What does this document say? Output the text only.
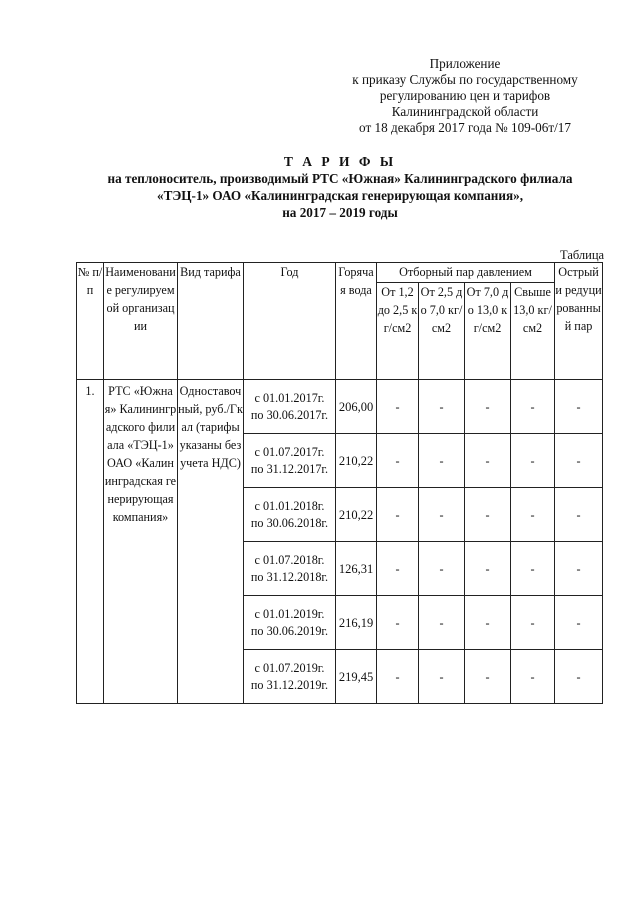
Приложение
к приказу Службы по государственному
регулированию цен и тарифов
Калининградской области
от 18 декабря 2017 года № 109-06т/17
Т А Р И Ф Ы
на теплоноситель, производимый РТС «Южная» Калининградского филиала
«ТЭЦ-1» ОАО «Калининградская генерирующая компания»,
на 2017 – 2019 годы
Таблица
№ п/п	Наименование регулируемой организации	Вид тарифа	Год	Горячая вода	Отборный пар давлением				Острый и редуцированный пар
					От 1,2 до 2,5 кг/см2	От 2,5 до 7,0 кг/см2	От 7,0 до 13,0 кг/см2	Свыше 13,0 кг/см2	
1.	РТС «Южная» Калининградского филиала «ТЭЦ-1» ОАО «Калининградская генерирующая компания»	Одноставочный, руб./Гкал (тарифы указаны без учета НДС)	с 01.01.2017г.
по 30.06.2017г.	206,00	-	-	-	-	-

			с 01.07.2017г.
по 31.12.2017г.	210,22	-	-	-	-	-

			с 01.01.2018г.
по 30.06.2018г.	210,22	-	-	-	-	-

			с 01.07.2018г.
по 31.12.2018г.	126,31	-	-	-	-	-

			с 01.01.2019г.
по 30.06.2019г.	216,19	-	-	-	-	-

			с 01.07.2019г.
по 31.12.2019г.	219,45	-	-	-	-	-
